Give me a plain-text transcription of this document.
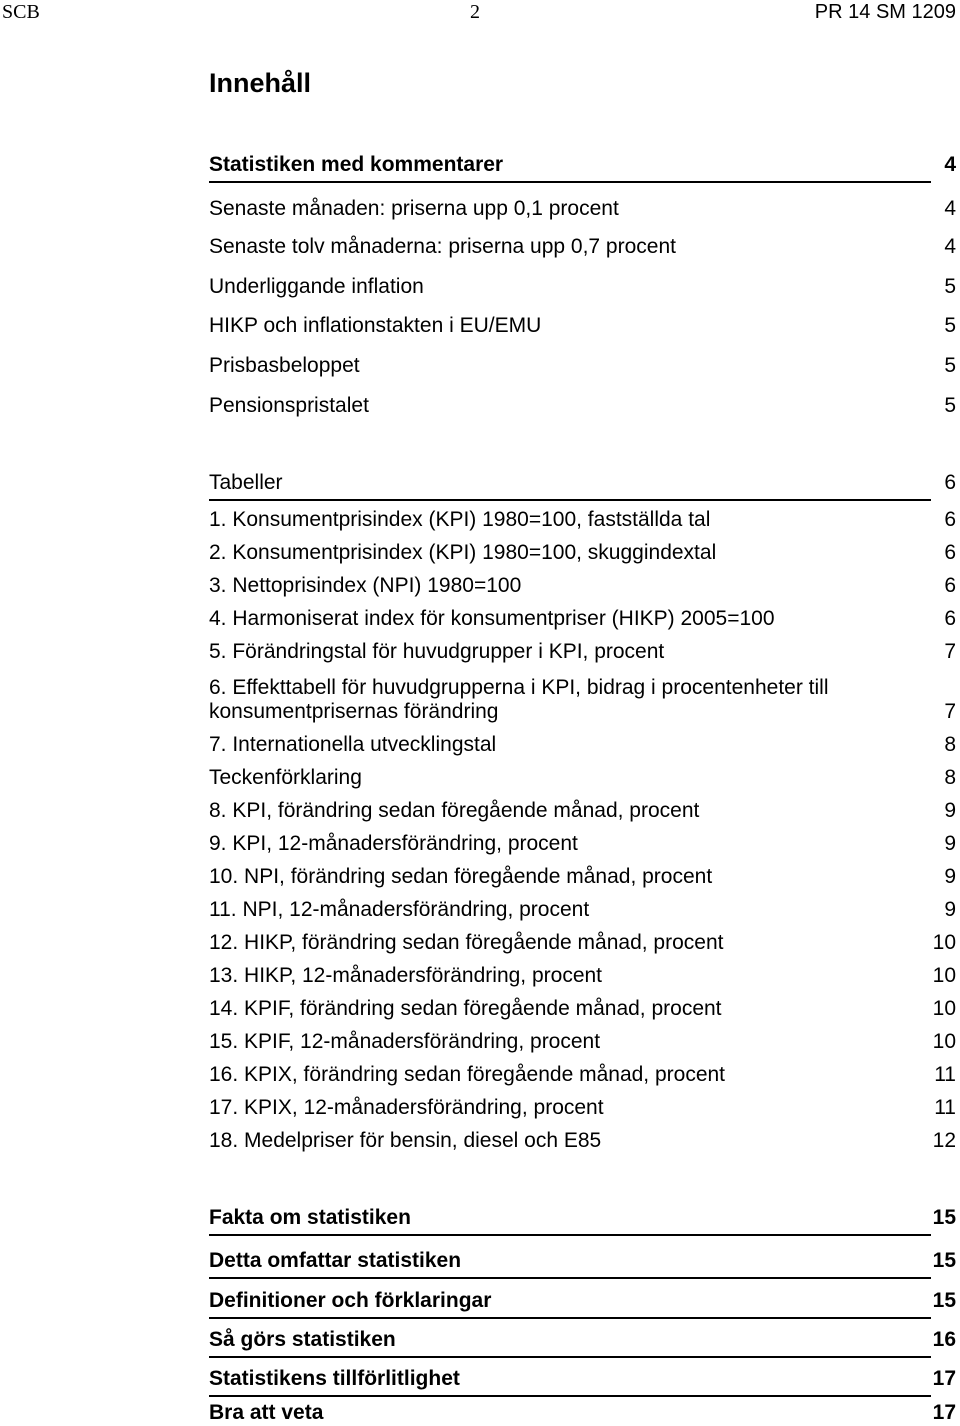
SCB	2	PR 14 SM 1209
Innehåll
Statistiken med kommentarer	4
Senaste månaden: priserna upp 0,1 procent	4
Senaste tolv månaderna: priserna upp 0,7 procent	4
Underliggande inflation	5
HIKP och inflationstakten i EU/EMU	5
Prisbasbeloppet	5
Pensionspristalet	5
Tabeller	6
1. Konsumentprisindex (KPI) 1980=100, fastställda tal	6
2. Konsumentprisindex (KPI) 1980=100, skuggindextal	6
3. Nettoprisindex (NPI) 1980=100	6
4. Harmoniserat index för konsumentpriser (HIKP) 2005=100	6
5. Förändringstal för huvudgrupper i KPI, procent	7
6. Effekttabell för huvudgrupperna i KPI, bidrag i procentenheter till konsumentprisernas förändring	7
7. Internationella utvecklingstal	8
Teckenförklaring	8
8. KPI, förändring sedan föregående månad, procent	9
9. KPI, 12-månadersförändring, procent	9
10. NPI, förändring sedan föregående månad, procent	9
11. NPI, 12-månadersförändring, procent	9
12. HIKP, förändring sedan föregående månad, procent	10
13. HIKP, 12-månadersförändring, procent	10
14. KPIF, förändring sedan föregående månad, procent	10
15. KPIF, 12-månadersförändring, procent	10
16. KPIX, förändring sedan föregående månad, procent	11
17. KPIX, 12-månadersförändring, procent	11
18. Medelpriser för bensin, diesel och E85	12
Fakta om statistiken	15
Detta omfattar statistiken	15
Definitioner och förklaringar	15
Så görs statistiken	16
Statistikens tillförlitlighet	17
Bra att veta	17
